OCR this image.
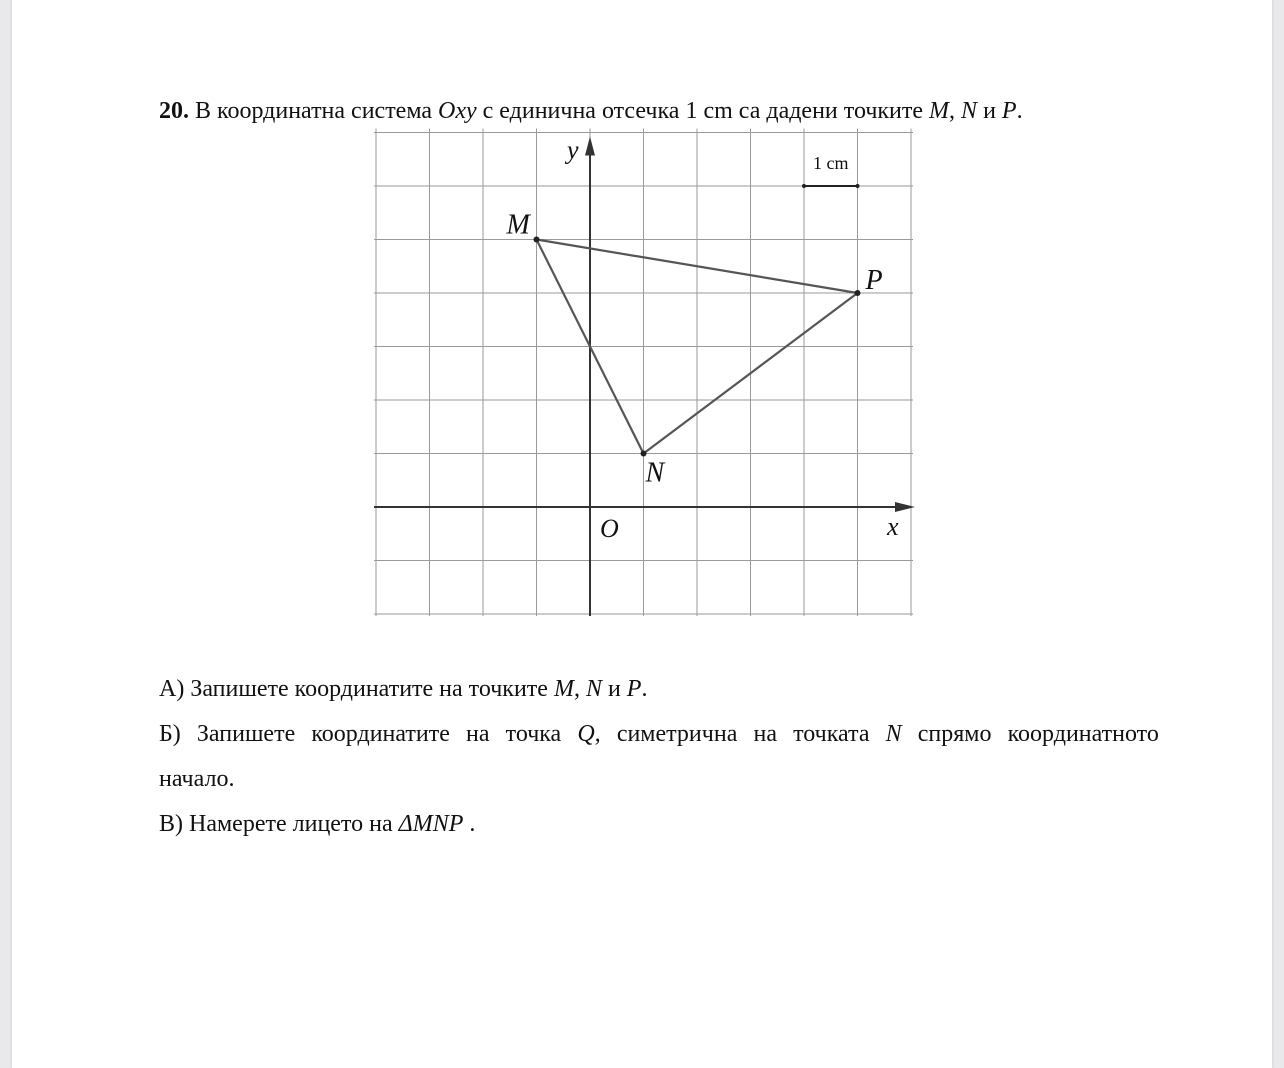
20. В координатна система Oxy с единична отсечка 1 cm са дадени точките M, N и P.
M
N
P
y
x
O
1 cm
А) Запишете координатите на точките M, N и P.
Б) Запишете координатите на точка Q, симетрична на точката N спрямо координатното
начало.
В) Намерете лицето на ΔMNP .
